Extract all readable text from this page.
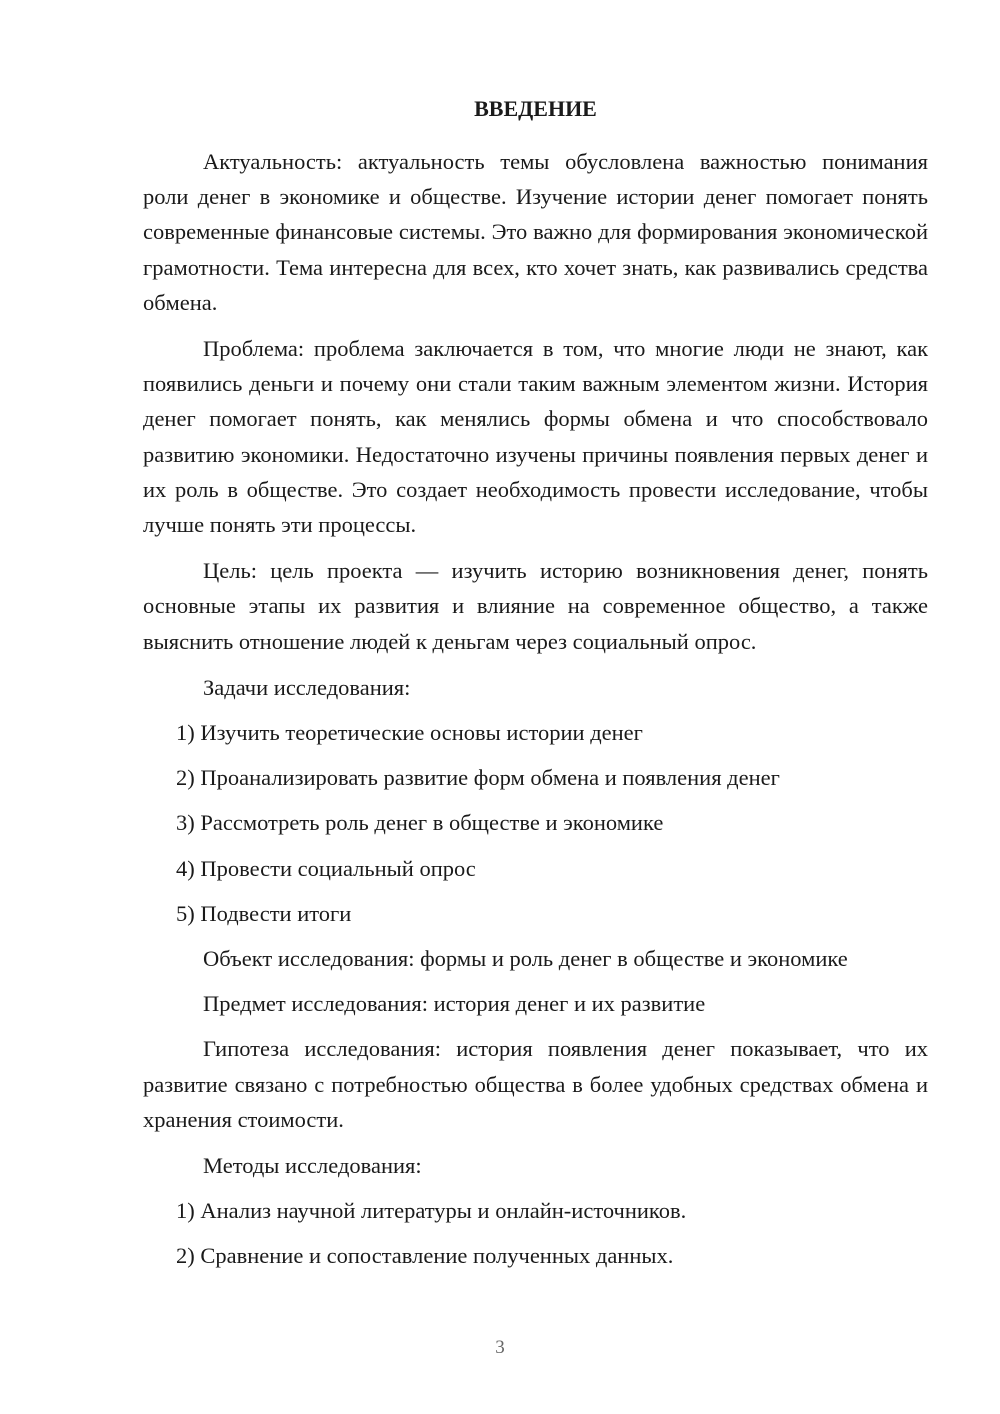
ВВЕДЕНИЕ

Актуальность: актуальность темы обусловлена важностью понимания роли денег в экономике и обществе. Изучение истории денег помогает понять современные финансовые системы. Это важно для формирования экономической грамотности. Тема интересна для всех, кто хочет знать, как развивались средства обмена.

Проблема: проблема заключается в том, что многие люди не знают, как появились деньги и почему они стали таким важным элементом жизни. История денег помогает понять, как менялись формы обмена и что способствовало развитию экономики. Недостаточно изучены причины появления первых денег и их роль в обществе. Это создает необходимость провести исследование, чтобы лучше понять эти процессы.

Цель: цель проекта — изучить историю возникновения денег, понять основные этапы их развития и влияние на современное общество, а также выяснить отношение людей к деньгам через социальный опрос.

Задачи исследования:
1) Изучить теоретические основы истории денег
2) Проанализировать развитие форм обмена и появления денег
3) Рассмотреть роль денег в обществе и экономике
4) Провести социальный опрос
5) Подвести итоги
Объект исследования: формы и роль денег в обществе и экономике
Предмет исследования: история денег и их развитие

Гипотеза исследования: история появления денег показывает, что их развитие связано с потребностью общества в более удобных средствах обмена и хранения стоимости.

Методы исследования:
1) Анализ научной литературы и онлайн-источников.
2) Сравнение и сопоставление полученных данных.
3
